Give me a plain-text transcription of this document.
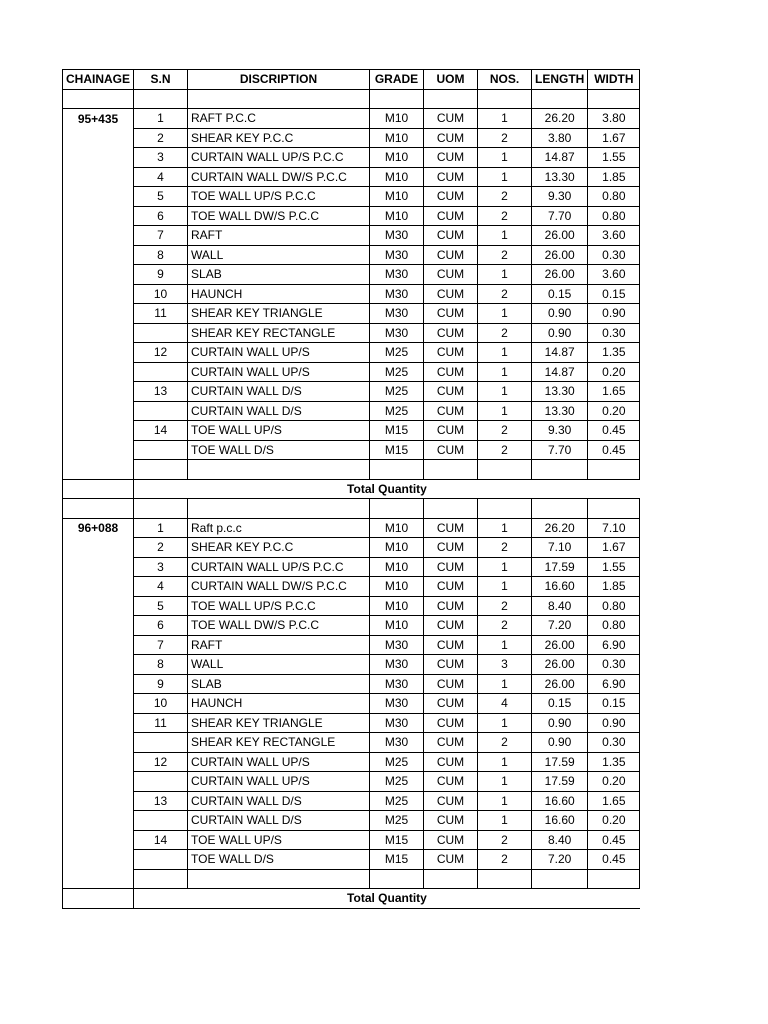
CHAINAGE	S.N	DISCRIPTION	GRADE	UOM	NOS.	LENGTH	WIDTH

95+435	1	RAFT P.C.C	M10	CUM	1	26.20	3.80
	2	SHEAR KEY P.C.C	M10	CUM	2	3.80	1.67
	3	CURTAIN WALL UP/S P.C.C	M10	CUM	1	14.87	1.55
	4	CURTAIN WALL DW/S P.C.C	M10	CUM	1	13.30	1.85
	5	TOE WALL UP/S P.C.C	M10	CUM	2	9.30	0.80
	6	TOE WALL DW/S P.C.C	M10	CUM	2	7.70	0.80
	7	RAFT	M30	CUM	1	26.00	3.60
	8	WALL	M30	CUM	2	26.00	0.30
	9	SLAB	M30	CUM	1	26.00	3.60
	10	HAUNCH	M30	CUM	2	0.15	0.15
	11	SHEAR KEY TRIANGLE	M30	CUM	1	0.90	0.90
		SHEAR KEY RECTANGLE	M30	CUM	2	0.90	0.30
	12	CURTAIN WALL UP/S	M25	CUM	1	14.87	1.35
		CURTAIN WALL UP/S	M25	CUM	1	14.87	0.20
	13	CURTAIN WALL D/S	M25	CUM	1	13.30	1.65
		CURTAIN WALL D/S	M25	CUM	1	13.30	0.20
	14	TOE WALL UP/S	M15	CUM	2	9.30	0.45
		TOE WALL D/S	M15	CUM	2	7.70	0.45

	Total Quantity						

96+088	1	Raft p.c.c	M10	CUM	1	26.20	7.10
	2	SHEAR KEY P.C.C	M10	CUM	2	7.10	1.67
	3	CURTAIN WALL UP/S P.C.C	M10	CUM	1	17.59	1.55
	4	CURTAIN WALL DW/S P.C.C	M10	CUM	1	16.60	1.85
	5	TOE WALL UP/S P.C.C	M10	CUM	2	8.40	0.80
	6	TOE WALL DW/S P.C.C	M10	CUM	2	7.20	0.80
	7	RAFT	M30	CUM	1	26.00	6.90
	8	WALL	M30	CUM	3	26.00	0.30
	9	SLAB	M30	CUM	1	26.00	6.90
	10	HAUNCH	M30	CUM	4	0.15	0.15
	11	SHEAR KEY TRIANGLE	M30	CUM	1	0.90	0.90
		SHEAR KEY RECTANGLE	M30	CUM	2	0.90	0.30
	12	CURTAIN WALL UP/S	M25	CUM	1	17.59	1.35
		CURTAIN WALL UP/S	M25	CUM	1	17.59	0.20
	13	CURTAIN WALL D/S	M25	CUM	1	16.60	1.65
		CURTAIN WALL D/S	M25	CUM	1	16.60	0.20
	14	TOE WALL UP/S	M15	CUM	2	8.40	0.45
		TOE WALL D/S	M15	CUM	2	7.20	0.45

	Total Quantity						
